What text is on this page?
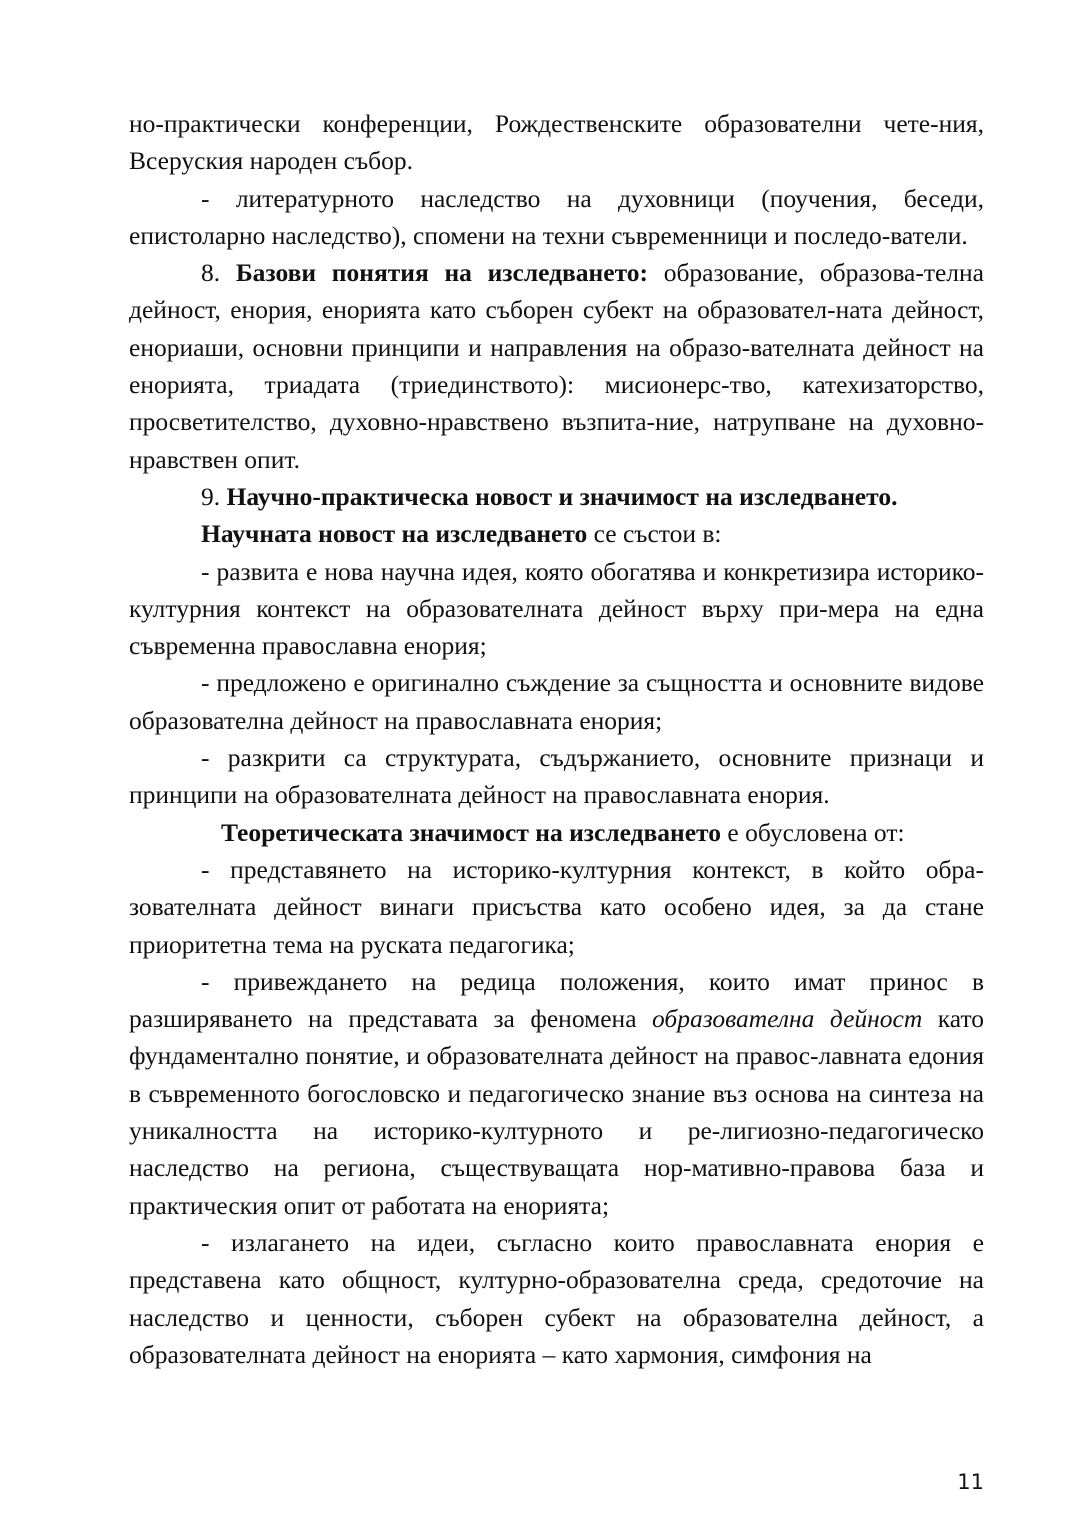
но-практически конференции, Рождественските образователни чете-ния, Всеруския народен събор.

- литературното наследство на духовници (поучения, беседи, епистоларно наследство), спомени на техни съвременници и последо-ватели.

8. Базови понятия на изследването: образование, образова-телна дейност, енория, енорията като съборен субект на образовател-ната дейност, енориаши, основни принципи и направления на образо-вателната дейност на енорията, триадата (триединството): мисионерс-тво, катехизаторство, просветителство, духовно-нравствено възпита-ние, натрупване на духовно-нравствен опит.

9. Научно-практическа новост и значимост на изследването.

Научната новост на изследването се състои в:

- развита е нова научна идея, която обогатява и конкретизира историко-културния контекст на образователната дейност върху при-мера на една съвременна православна енория;

- предложено е оригинално съждение за същността и основните видове образователна дейност на православната енория;

- разкрити са структурата, съдържанието, основните признаци и принципи на образователната дейност на православната енория.

Теоретическата значимост на изследването е обусловена от:

- представянето на историко-културния контекст, в който обра-зователната дейност винаги присъства като особено идея, за да стане приоритетна тема на руската педагогика;

- привеждането на редица положения, които имат принос в разширяването на представата за феномена образователна дейност като фундаментално понятие, и образователната дейност на правос-лавната едония в съвременното богословско и педагогическо знание въз основа на синтеза на уникалността на историко-културното и ре-лигиозно-педагогическо наследство на региона, съществуващата нор-мативно-правова база и практическия опит от работата на енорията;

- излагането на идеи, съгласно които православната енория е представена като общност, културно-образователна среда, средоточие на наследство и ценности, съборен субект на образователна дейност, а образователната дейност на енорията – като хармония, симфония на

11
